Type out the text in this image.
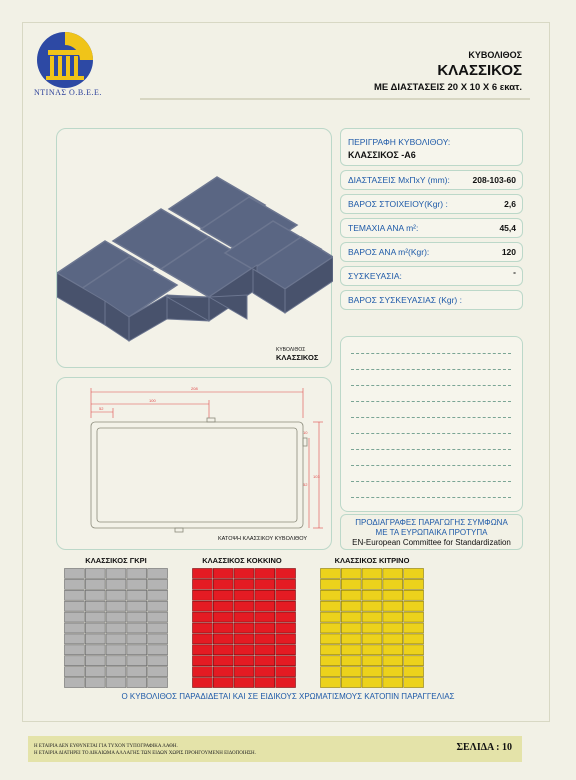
ΝΤΙΝΑΣ Ο.Β.Ε.Ε.
ΚΥΒΟΛΙΘΟΣ
ΚΛΑΣΣΙΚΟΣ
ΜΕ ΔΙΑΣΤΑΣΕΙΣ 20 Χ 10 Χ 6 εκατ.
ΚΥΒΟΛΙΘΟΣ
ΚΛΑΣΣΙΚΟΣ
208
100
52
103
52
10
ΚΑΤΟΨΗ ΚΛΑΣΣΙΚΟΥ ΚΥΒΟΛΙΘΟΥ
ΠΕΡΙΓΡΑΦΗ ΚΥΒΟΛΙΘΟΥ:
ΚΛΑΣΣΙΚΟΣ -Α6
ΔΙΑΣΤΑΣΕΙΣ ΜxΠxΥ (mm):	208-103-60
ΒΑΡΟΣ ΣΤΟΙΧΕΙΟΥ(Kgr) :	2,6
ΤΕΜΑΧΙΑ ΑΝΑ m²:	45,4
ΒΑΡΟΣ ΑΝΑ m²(Kgr):	120
ΣΥΣΚΕΥΑΣΙΑ:	-
ΒΑΡΟΣ ΣΥΣΚΕΥΑΣΙΑΣ (Kgr) :
ΠΡΟΔΙΑΓΡΑΦΕΣ ΠΑΡΑΓΩΓΗΣ ΣΥΜΦΩΝΑ
ΜΕ ΤΑ ΕΥΡΩΠΑΙΚΑ ΠΡΟΤΥΠΑ
EN-European Committee for Standardization
ΚΛΑΣΣΙΚΟΣ ΓΚΡΙ	ΚΛΑΣΣΙΚΟΣ ΚΟΚΚΙΝΟ	ΚΛΑΣΣΙΚΟΣ ΚΙΤΡΙΝΟ
Ο ΚΥΒΟΛΙΘΟΣ ΠΑΡΑΔΙΔΕΤΑΙ ΚΑΙ ΣΕ ΕΙΔΙΚΟΥΣ ΧΡΩΜΑΤΙΣΜΟΥΣ ΚΑΤΟΠΙΝ ΠΑΡΑΓΓΕΛΙΑΣ
Η ΕΤΑΙΡΙΑ ΔΕΝ ΕΥΘΥΝΕΤΑΙ ΓΙΑ ΤΥΧΟΝ ΤΥΠΟΓΡΑΦΙΚΑ ΛΑΘΗ.
Η ΕΤΑΙΡΙΑ ΔΙΑΤΗΡΕΙ ΤΟ ΔΙΚΑΙΩΜΑ ΑΛΛΑΓΗΣ ΤΩΝ ΕΙΔΩΝ ΧΩΡΙΣ ΠΡΟΗΓΟΥΜΕΝΗ ΕΙΔΟΠΟΙΗΣΗ.
ΣΕΛΙΔΑ : 10
